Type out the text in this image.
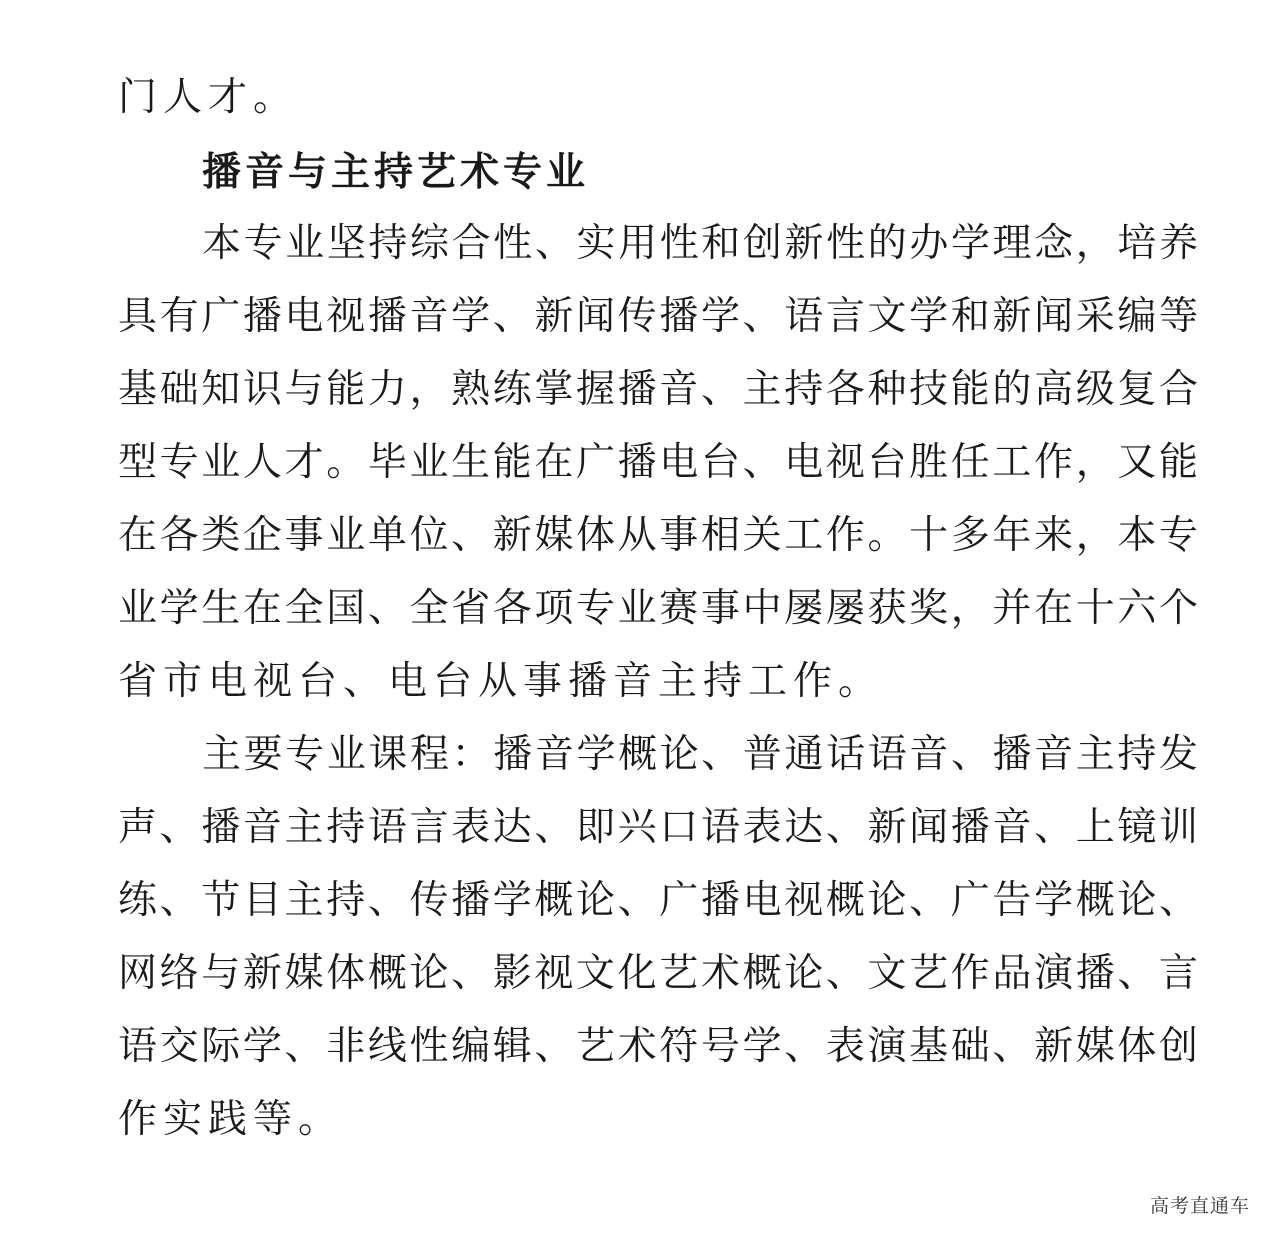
门人才。
播音与主持艺术专业
本专业坚持综合性、实用性和创新性的办学理念，培养
具有广播电视播音学、新闻传播学、语言文学和新闻采编等
基础知识与能力，熟练掌握播音、主持各种技能的高级复合
型专业人才。毕业生能在广播电台、电视台胜任工作，又能
在各类企事业单位、新媒体从事相关工作。十多年来，本专
业学生在全国、全省各项专业赛事中屡屡获奖，并在十六个
省市电视台、电台从事播音主持工作。
主要专业课程：播音学概论、普通话语音、播音主持发
声、播音主持语言表达、即兴口语表达、新闻播音、上镜训
练、节目主持、传播学概论、广播电视概论、广告学概论、
网络与新媒体概论、影视文化艺术概论、文艺作品演播、言
语交际学、非线性编辑、艺术符号学、表演基础、新媒体创
作实践等。
高考直通车
